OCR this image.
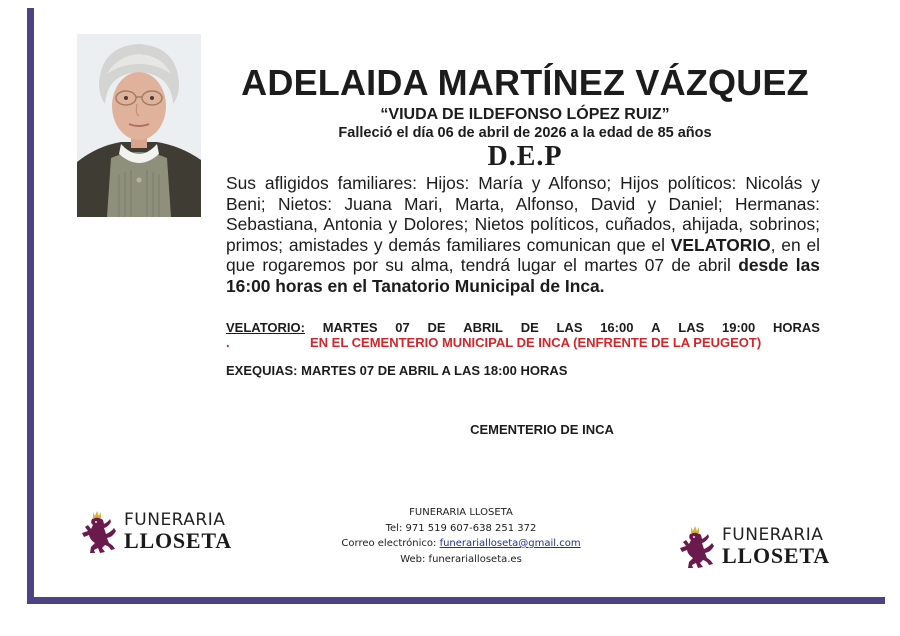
ADELAIDA MARTÍNEZ VÁZQUEZ
“VIUDA DE ILDEFONSO LÓPEZ RUIZ”
Falleció el día 06 de abril de 2026 a la edad de 85 años
D.E.P
Sus afligidos familiares: Hijos: María y Alfonso; Hijos políticos: Nicolás y Beni; Nietos: Juana Mari, Marta, Alfonso, David y Daniel; Hermanas: Sebastiana, Antonia y Dolores; Nietos políticos, cuñados, ahijada, sobrinos; primos; amistades y demás familiares comunican que el VELATORIO, en el que rogaremos por su alma, tendrá lugar el martes 07 de abril desde las 16:00 horas en el Tanatorio Municipal de Inca.
VELATORIO: MARTES 07 DE ABRIL DE LAS 16:00 A LAS 19:00 HORAS
.	EN EL CEMENTERIO MUNICIPAL DE INCA (ENFRENTE DE LA PEUGEOT)
EXEQUIAS: MARTES 07 DE ABRIL A LAS 18:00 HORAS
CEMENTERIO DE INCA
FUNERARIA
LLOSETA
FUNERARIA LLOSETA
Tel: 971 519 607-638 251 372
Correo electrónico: funerarialloseta@gmail.com
Web: funerarialloseta.es
FUNERARIA
LLOSETA
